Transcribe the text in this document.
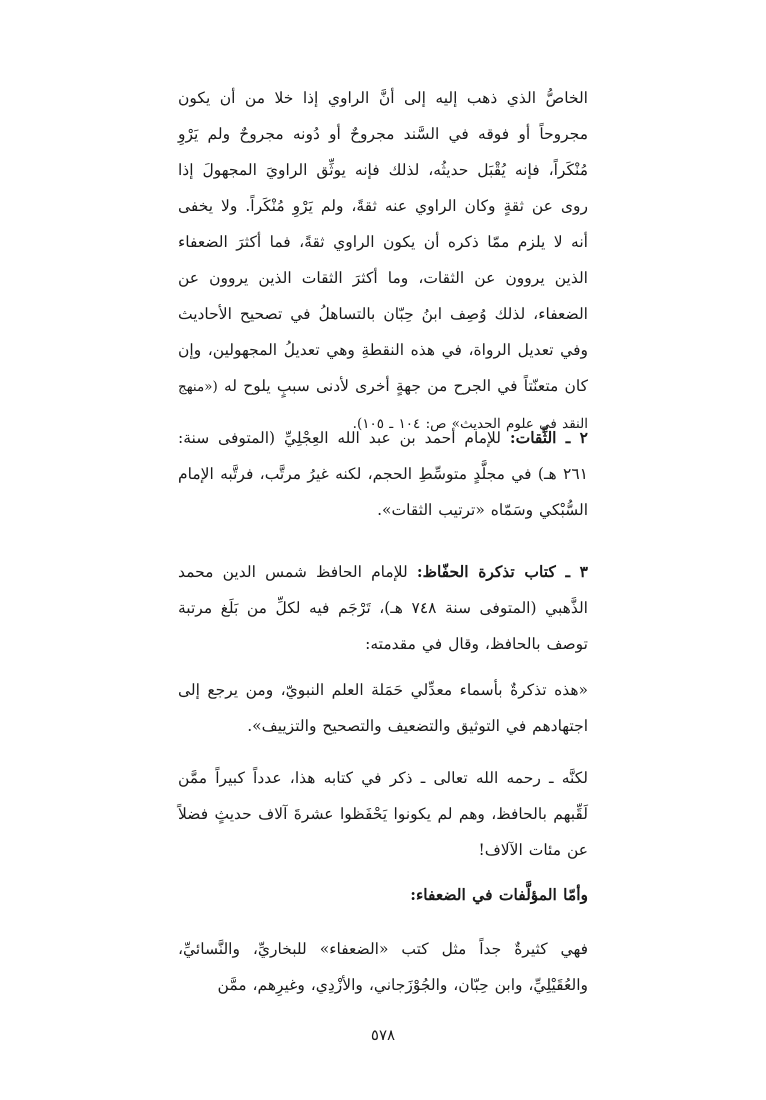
الخاصُّ الذي ذهب إليه إلى أنَّ الراوي إذا خلا من أن يكون مجروحاً أو فوقه في السَّند مجروحٌ أو دُونه مجروحٌ ولم يَرْوِ مُنْكَراً، فإنه يُقْبَل حديثُه، لذلك فإنه يوثِّق الراويَ المجهولَ إذا روى عن ثقةٍ وكان الراوي عنه ثقةً، ولم يَرْوِ مُنْكَراً. ولا يخفى أنه لا يلزم ممّا ذكره أن يكون الراوي ثقةً، فما أكثرَ الضعفاء الذين يروون عن الثقات، وما أكثرَ الثقات الذين يروون عن الضعفاء، لذلك وُصِف ابنُ حِبّان بالتساهلُ في تصحيح الأحاديث وفي تعديل الرواة، في هذه النقطةِ وهي تعديلُ المجهولين، وإن كان متعنّتاً في الجرح من جهةٍ أخرى لأدنى سببٍ يلوح له («منهج النقد في علوم الحديث» ص: ١٠٤ ـ ١٠٥).
٢ ـ الثِّقات: للإمام أحمد بن عبد الله العِجْلِيِّ (المتوفى سنة: ٢٦١ هـ) في مجلَّدٍ متوسِّطِ الحجم، لكنه غيرُ مرتَّب، فرتَّبه الإمام السُّبْكي وسَمّاه «ترتيب الثقات».
٣ ـ كتاب تذكرة الحفّاظ: للإمام الحافظ شمس الدين محمد الذَّهبي (المتوفى سنة ٧٤٨ هـ)، تَرْجَم فيه لكلِّ من بَلَغ مرتبة توصف بالحافظ، وقال في مقدمته:
«هذه تذكرةٌ بأسماء معدِّلي حَمَلة العلم النبويّ، ومن يرجع إلى اجتهادهم في التوثيق والتضعيف والتصحيح والتزييف».
لكنَّه ـ رحمه الله تعالى ـ ذكر في كتابه هذا، عدداً كبيراً ممَّن لَقِّبهم بالحافظ، وهم لم يكونوا يَحْفَظوا عشرةَ آلاف حديثٍ فضلاً عن مئات الآلاف!
وأمّا المؤلَّفات في الضعفاء:
فهي كثيرةٌ جداً مثل كتب «الضعفاء» للبخاريِّ، والنَّسائيِّ، والعُقَيْلِيِّ، وابن حِبّان، والجُوْزَجاني، والأزْدِي، وغيرِهم، ممَّن
٥٧٨
